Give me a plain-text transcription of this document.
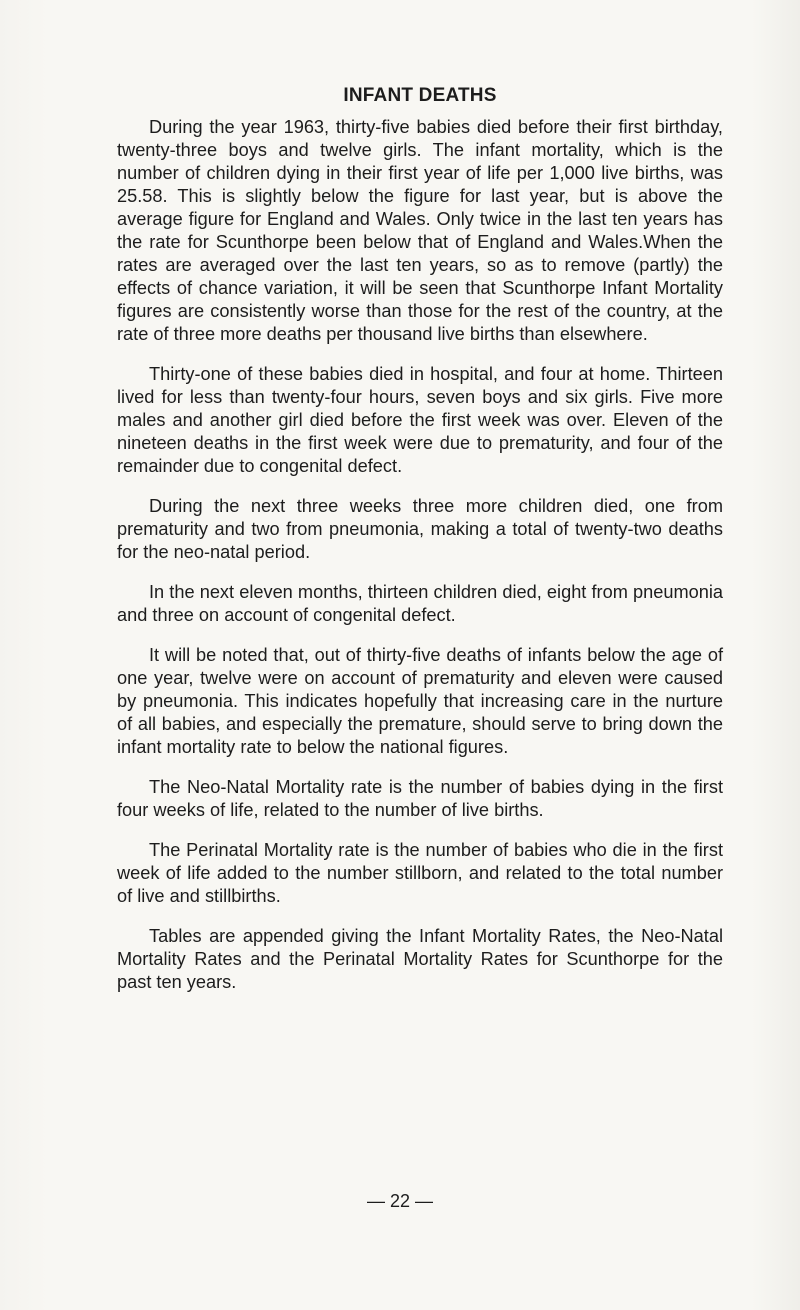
INFANT DEATHS

During the year 1963, thirty-five babies died before their first birthday, twenty-three boys and twelve girls. The infant mortality, which is the number of children dying in their first year of life per 1,000 live births, was 25.58. This is slightly below the figure for last year, but is above the average figure for England and Wales. Only twice in the last ten years has the rate for Scunthorpe been below that of England and Wales.When the rates are averaged over the last ten years, so as to remove (partly) the effects of chance variation, it will be seen that Scunthorpe Infant Mortality figures are consistently worse than those for the rest of the country, at the rate of three more deaths per thousand live births than elsewhere.

Thirty-one of these babies died in hospital, and four at home. Thirteen lived for less than twenty-four hours, seven boys and six girls. Five more males and another girl died before the first week was over. Eleven of the nineteen deaths in the first week were due to prematurity, and four of the remainder due to congenital defect.

During the next three weeks three more children died, one from prematurity and two from pneumonia, making a total of twenty-two deaths for the neo-natal period.

In the next eleven months, thirteen children died, eight from pneumonia and three on account of congenital defect.

It will be noted that, out of thirty-five deaths of infants below the age of one year, twelve were on account of prematurity and eleven were caused by pneumonia. This indicates hopefully that increasing care in the nurture of all babies, and especially the premature, should serve to bring down the infant mortality rate to below the national figures.

The Neo-Natal Mortality rate is the number of babies dying in the first four weeks of life, related to the number of live births.

The Perinatal Mortality rate is the number of babies who die in the first week of life added to the number stillborn, and related to the total number of live and stillbirths.

Tables are appended giving the Infant Mortality Rates, the Neo-Natal Mortality Rates and the Perinatal Mortality Rates for Scunthorpe for the past ten years.

— 22 —
